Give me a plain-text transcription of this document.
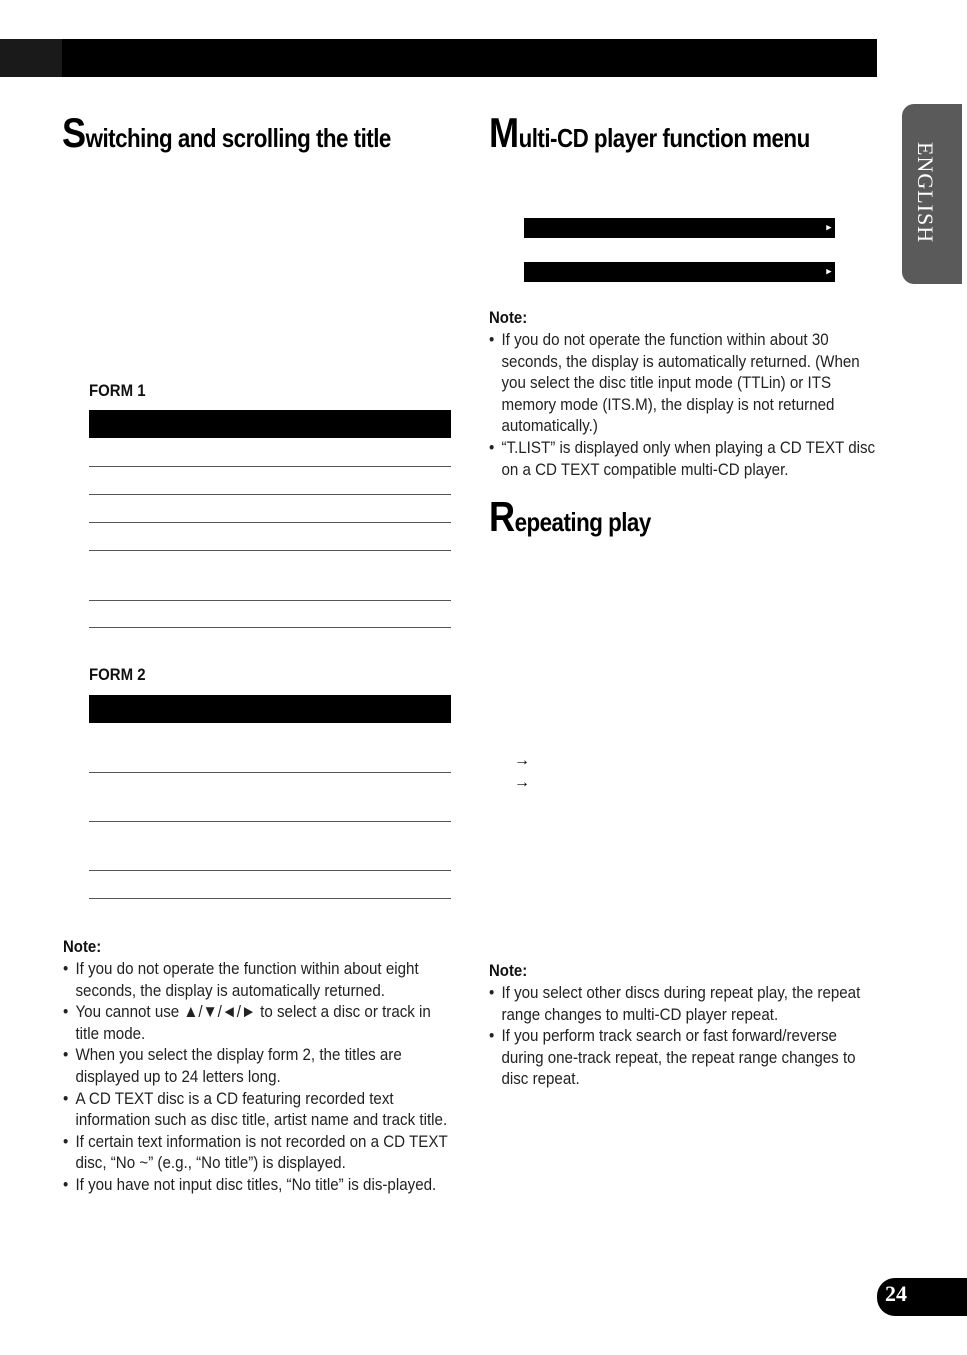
ENGLISH
Switching and scrolling the title
FORM 1
FORM 2
Note:
• If you do not operate the function within about eight seconds, the display is automatically returned.
• You cannot use ▲/▼/◄/► to select a disc or track in title mode.
• When you select the display form 2, the titles are displayed up to 24 letters long.
• A CD TEXT disc is a CD featuring recorded text information such as disc title, artist name and track title.
• If certain text information is not recorded on a CD TEXT disc, “No ~” (e.g., “No title”) is displayed.
• If you have not input disc titles, “No title” is dis-played.
Multi-CD player function menu

RPT  RDM  SCAN T.LIST D.LIST PAUSE

▶

TTLin COMP  ITS.P  ITS.M

▶

Note:
• If you do not operate the function within about 30 seconds, the display is automatically returned. (When you select the disc title input mode (TTLin) or ITS memory mode (ITS.M), the display is not returned automatically.)
• “T.LIST” is displayed only when playing a CD TEXT disc on a CD TEXT compatible multi-CD player.
Repeating play
→
→
Note:
• If you select other discs during repeat play, the repeat range changes to multi-CD player repeat.
• If you perform track search or fast forward/reverse during one-track repeat, the repeat range changes to disc repeat.
24
